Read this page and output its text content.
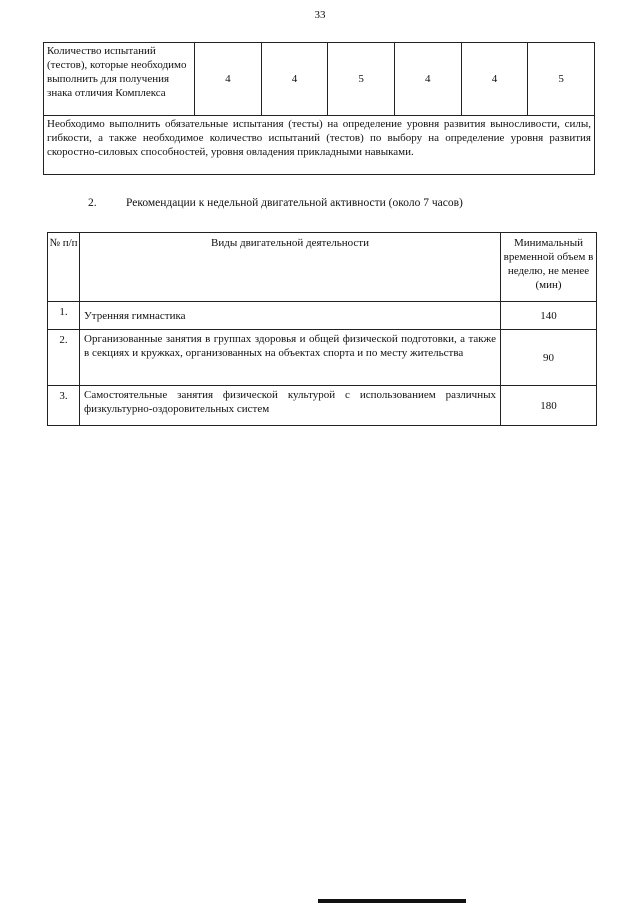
33
Количество испытаний (тестов), которые необходимо выполнить для получения знака отличия Комплекса	4	4	5	4	4	5
Необходимо выполнить обязательные испытания (тесты) на определение уровня развития выносливости, силы, гибкости, а также необходимое количество испытаний (тестов) по выбору на определение уровня развития скоростно-силовых способностей, уровня овладения прикладными навыками.
2.	Рекомендации к недельной двигательной активности (около 7 часов)
№ п/п	Виды двигательной деятельности	Минимальный временной объем в неделю, не менее (мин)
1.	Утренняя гимнастика	140
2.	Организованные занятия в группах здоровья и общей физической подготовки, а также в секциях и кружках, организованных на объектах спорта и по месту жительства	90
3.	Самостоятельные занятия физической культурой с использованием различных физкультурно-оздоровительных систем	180
